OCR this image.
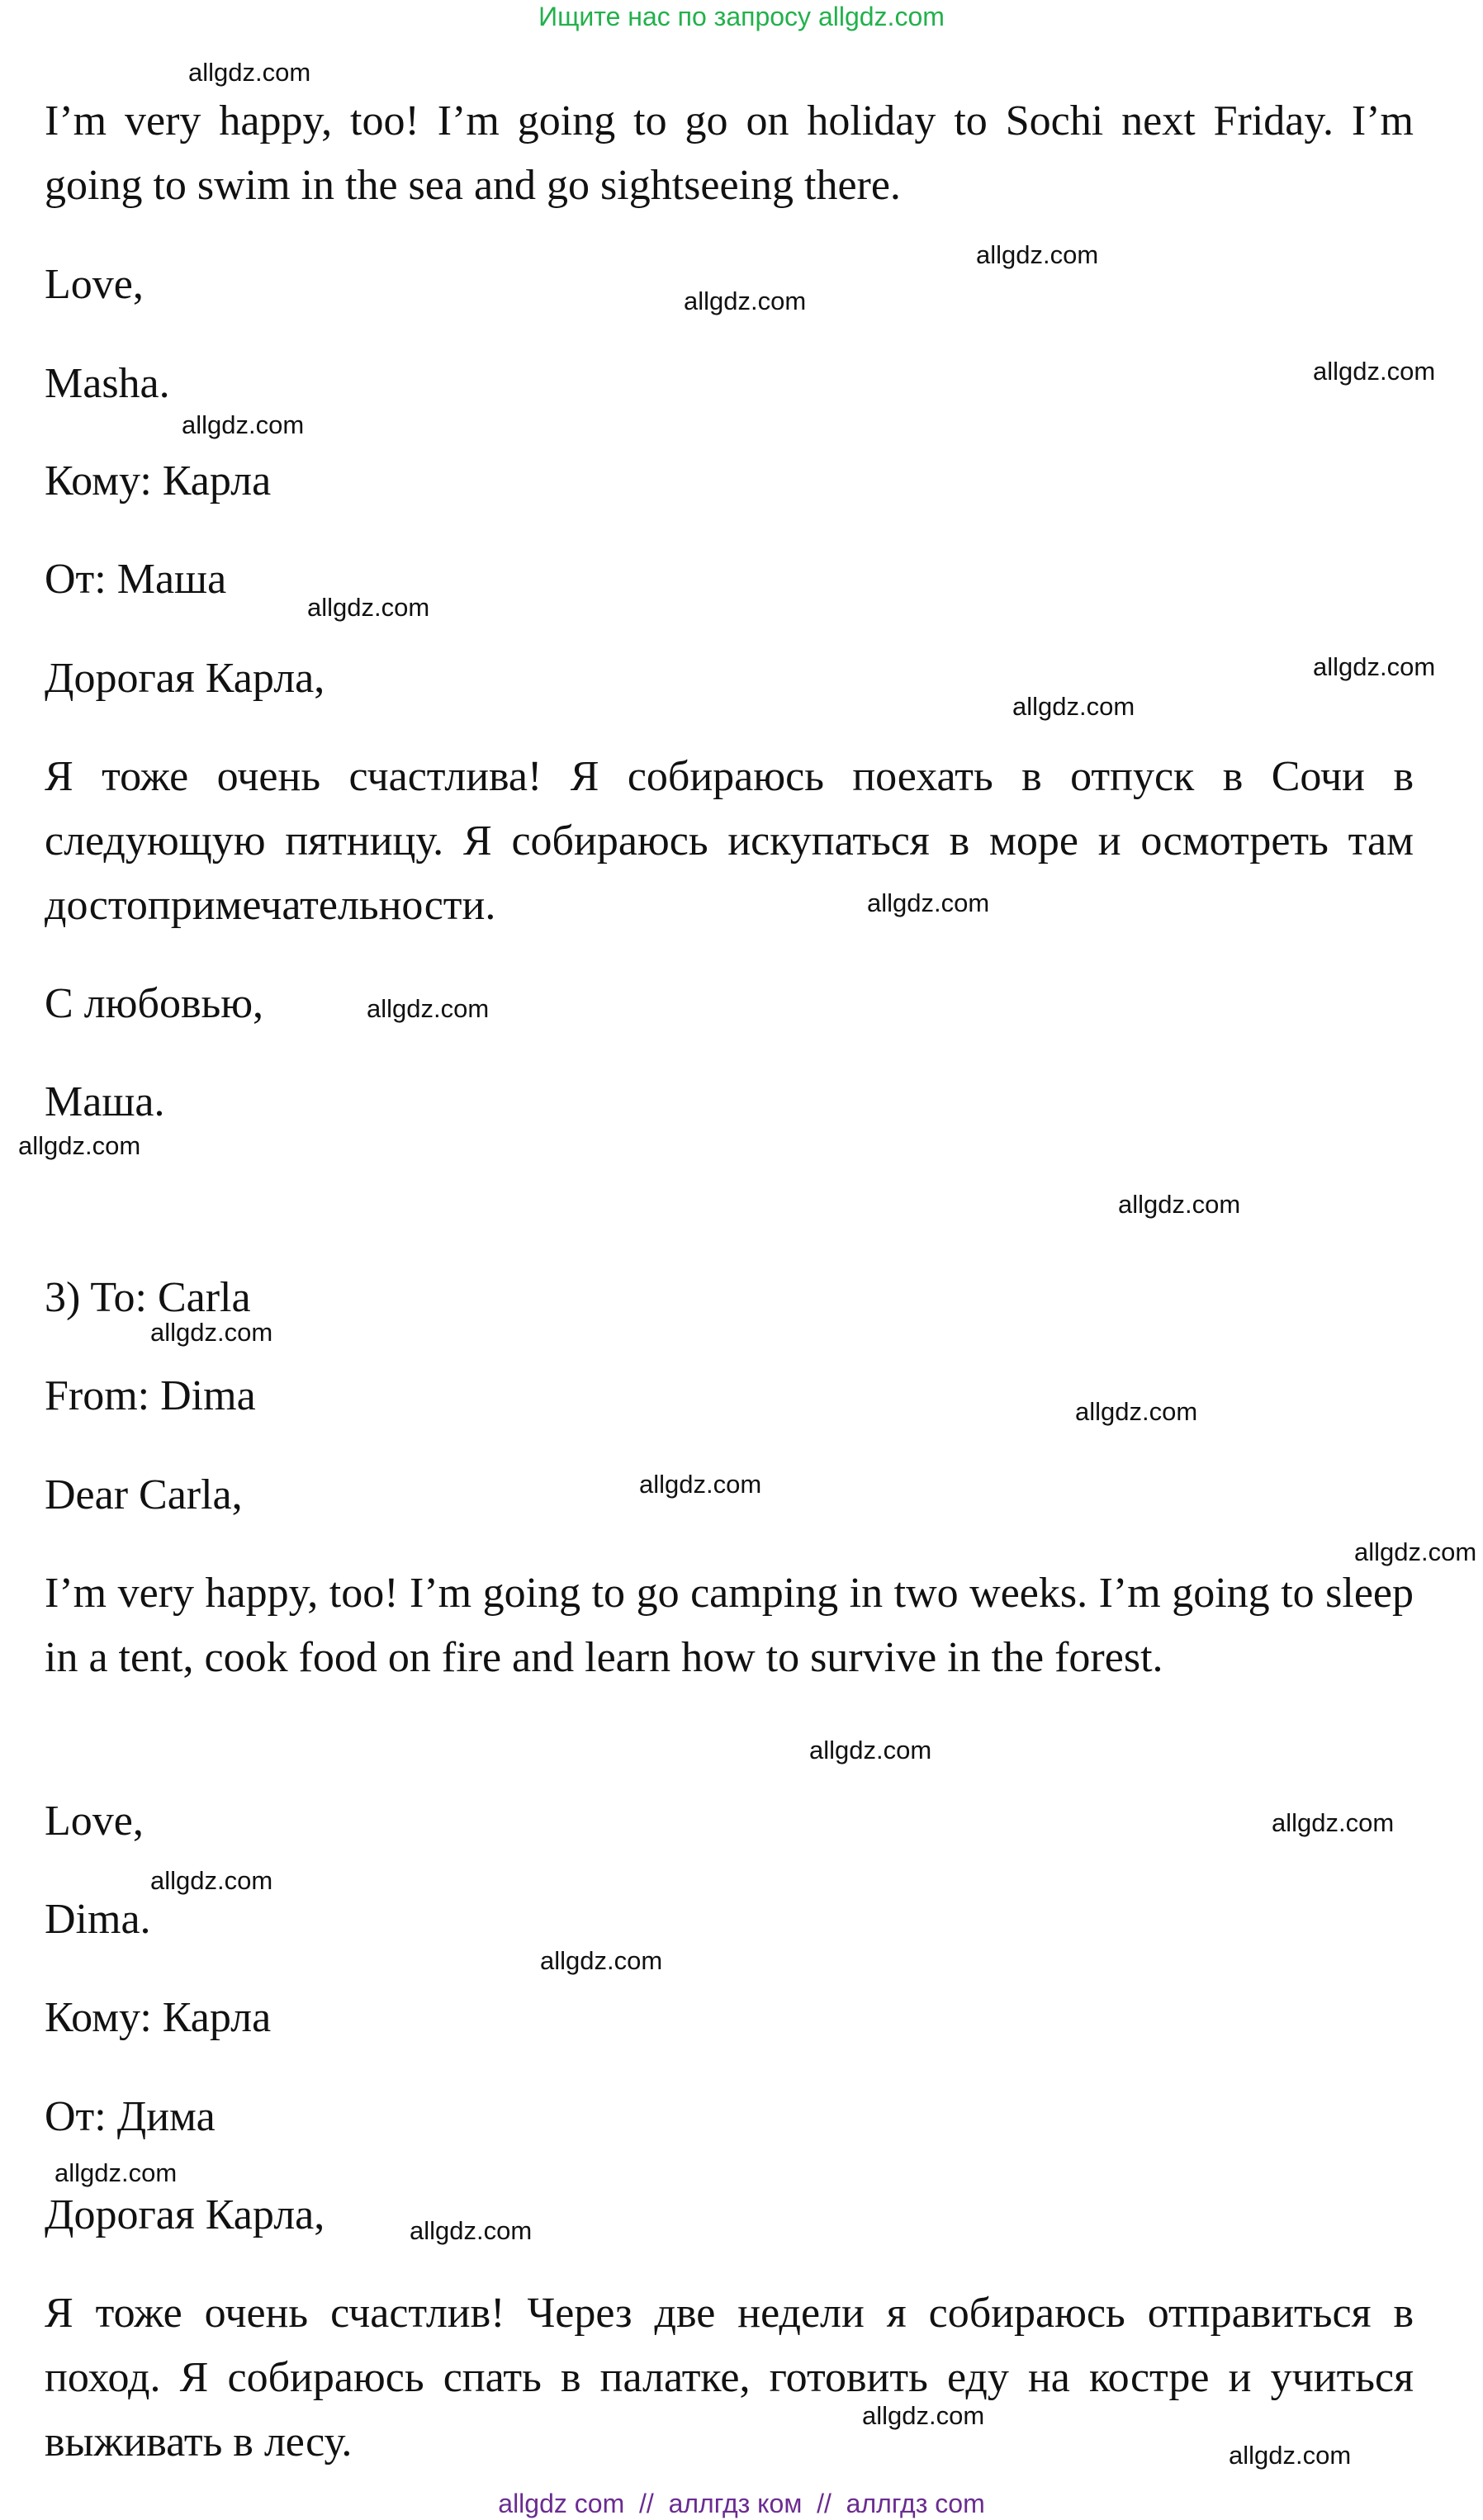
Ищите нас по запросу allgdz.com
I’m very happy, too! I’m going to go on holiday to Sochi next Friday. I’m going to swim in the sea and go sightseeing there.
Love,
Masha.
Кому: Карла
От: Маша
Дорогая Карла,
Я тоже очень счастлива! Я собираюсь поехать в отпуск в Сочи в следующую пятницу. Я собираюсь искупаться в море и осмотреть там достопримечательности.
С любовью,
Маша.
3) To: Carla
From: Dima
Dear Carla,
I’m very happy, too! I’m going to go camping in two weeks. I’m going to sleep in a tent, cook food on fire and learn how to survive in the forest.
Love,
Dima.
Кому: Карла
От: Дима
Дорогая Карла,
Я тоже очень счастлив! Через две недели я собираюсь отправиться в поход. Я собираюсь спать в палатке, готовить еду на костре и учиться выживать в лесу.
allgdz.com
allgdz.com
allgdz.com
allgdz.com
allgdz.com
allgdz.com
allgdz.com
allgdz.com
allgdz.com
allgdz.com
allgdz.com
allgdz.com
allgdz.com
allgdz.com
allgdz.com
allgdz.com
allgdz.com
allgdz.com
allgdz.com
allgdz.com
allgdz.com
allgdz.com
allgdz.com
allgdz.com
allgdz com  //  аллгдз ком  //  аллгдз com
